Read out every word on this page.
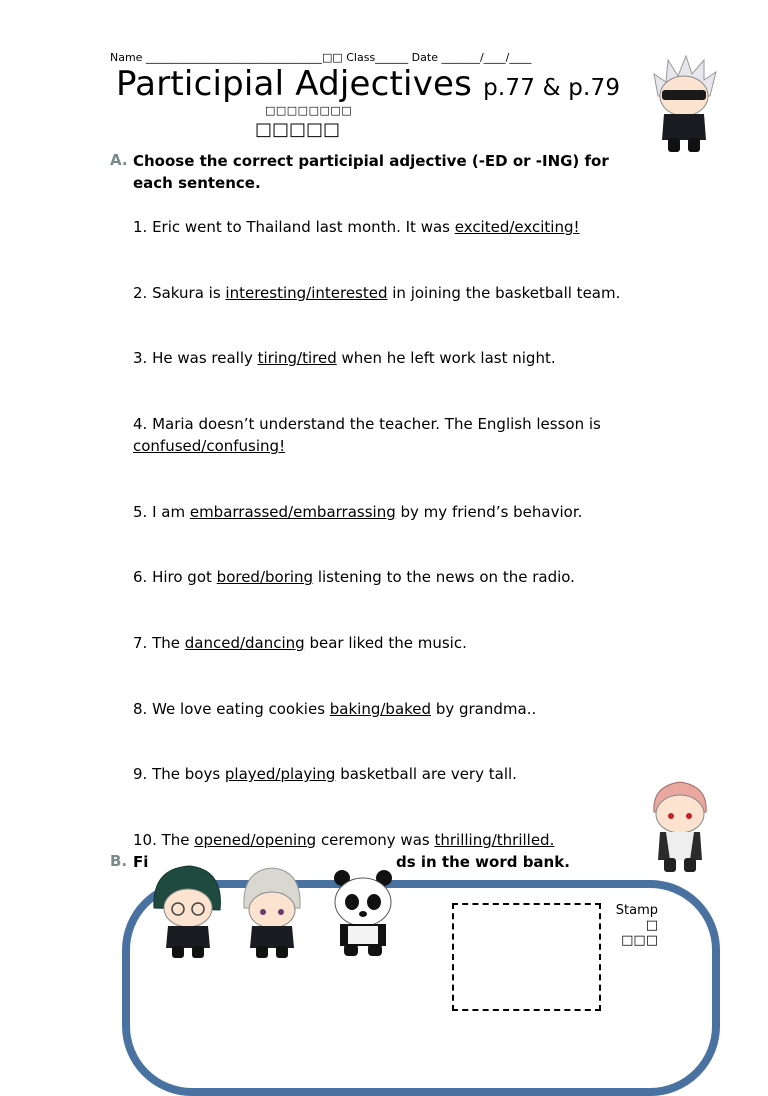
Name ________________________________□□ Class______ Date _______/____/____
Participial Adjectives p.77 & p.79
□□□□□□□□
□□□□□
A. Choose the correct participial adjective (-ED or -ING) for
each sentence.
1. Eric went to Thailand last month. It was excited/exciting!
2. Sakura is interesting/interested in joining the basketball team.
3. He was really tiring/tired when he left work last night.
4. Maria doesn’t understand the teacher. The English lesson is confused/confusing!
5. I am embarrassed/embarrassing by my friend’s behavior.
6. Hiro got bored/boring listening to the news on the radio.
7. The danced/dancing bear liked the music.
8. We love eating cookies baking/baked by grandma..
9. The boys played/playing basketball are very tall.
10. The opened/opening ceremony was thrilling/thrilled.
B. Fi	ds in the word bank.
Stamp
□
□□□
